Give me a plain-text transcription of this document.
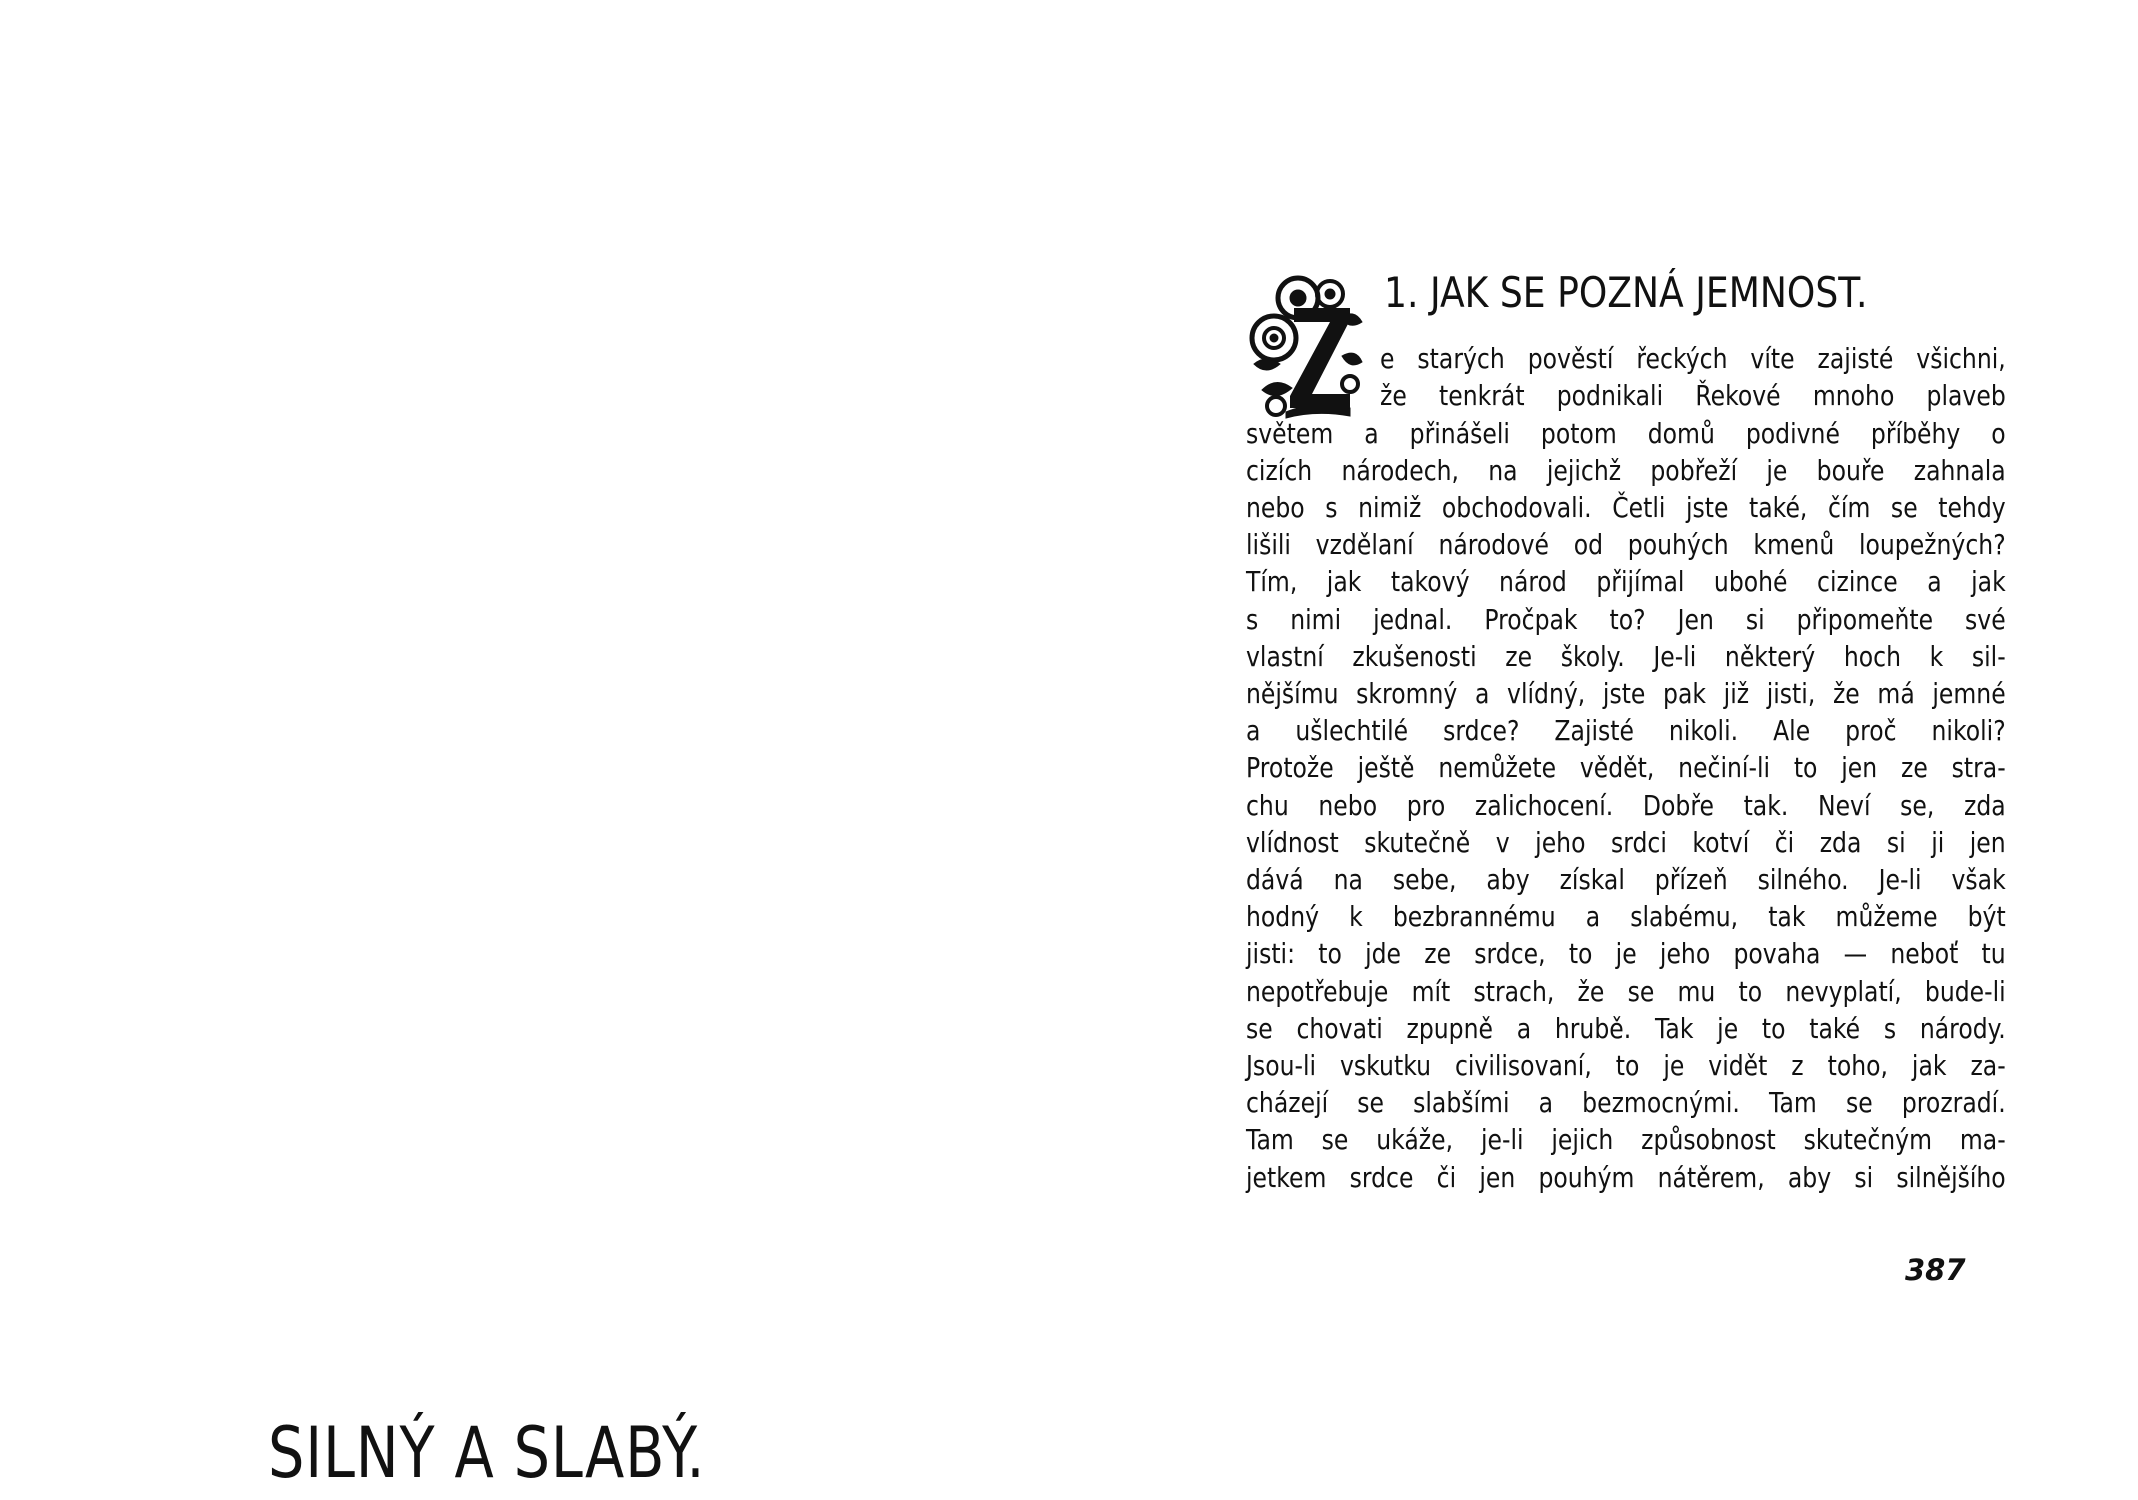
SILNÝ A SLABÝ.
1. JAK SE POZNÁ JEMNOST.
e starých pověstí řeckých víte zajisté všichni,
že tenkrát podnikali Řekové mnoho plaveb
světem a přinášeli potom domů podivné příběhy o
cizích národech, na jejichž pobřeží je bouře zahnala
nebo s nimiž obchodovali. Četli jste také, čím se tehdy
lišili vzdělaní národové od pouhých kmenů loupežných?
Tím, jak takový národ přijímal ubohé cizince a jak
s nimi jednal. Pročpak to? Jen si připomeňte své
vlastní zkušenosti ze školy. Je-li některý hoch k sil-
nějšímu skromný a vlídný, jste pak již jisti, že má jemné
a ušlechtilé srdce? Zajisté nikoli. Ale proč nikoli?
Protože ještě nemůžete vědět, nečiní-li to jen ze stra-
chu nebo pro zalichocení. Dobře tak. Neví se, zda
vlídnost skutečně v jeho srdci kotví či zda si ji jen
dává na sebe, aby získal přízeň silného. Je-li však
hodný k bezbrannému a slabému, tak můžeme být
jisti: to jde ze srdce, to je jeho povaha — neboť tu
nepotřebuje mít strach, že se mu to nevyplatí, bude-li
se chovati zpupně a hrubě. Tak je to také s národy.
Jsou-li vskutku civilisovaní, to je vidět z toho, jak za-
cházejí se slabšími a bezmocnými. Tam se prozradí.
Tam se ukáže, je-li jejich způsobnost skutečným ma-
jetkem srdce či jen pouhým nátěrem, aby si silnějšího
387
